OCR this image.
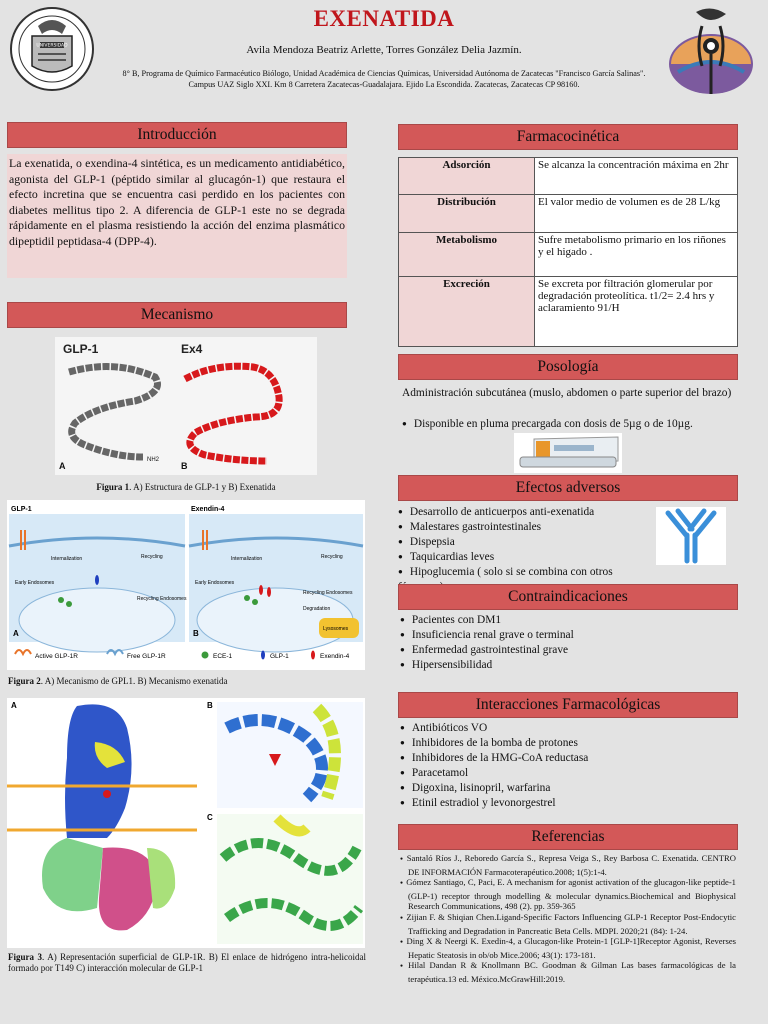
UNIVERSIDAD
EXENATIDA
Avila Mendoza Beatriz Arlette, Torres González Delia Jazmín.
8° B, Programa de Químico Farmacéutico Biólogo, Unidad Académica de Ciencias Químicas, Universidad Autónoma de Zacatecas "Francisco García Salinas".
Campus UAZ Siglo XXI. Km 8 Carretera Zacatecas-Guadalajara. Ejido La Escondida. Zacatecas, Zacatecas CP 98160.
Introducción
La exenatida, o exendina-4 sintética, es un medicamento antidiabético, agonista del GLP-1 (péptido similar al glucagón-1) que restaura el efecto incretina que se encuentra casi perdido en los pacientes con diabetes mellitus tipo 2. A diferencia de GLP-1 este no se degrada rápidamente en el plasma resistiendo la acción del enzima plasmático dipeptidil peptidasa-4 (DPP-4).
Mecanismo
GLP-1	Ex4
A	B
NH2
Figura 1. A) Estructura de GLP-1 y B) Exenatida
GLP-1	Exendin-4
Internalization	Internalization
Recycling	Recycling
Early Endosomes	Early Endosomes
Recycling Endosomes
Recycling Endosomes
Degradation
Lysosomes
A	B
Active GLP-1R	Free GLP-1R	ECE-1	GLP-1	Exendin-4
Figura 2. A) Mecanismo de GPL1. B) Mecanismo exenatida
A	B
C
Figura 3. A) Representación superficial de GLP-1R. B) El enlace de hidrógeno intra-helicoidal formado por T149 C) interacción molecular de GLP-1
Farmacocinética
Adsorción	Se alcanza la concentración máxima en 2hr
Distribución	El valor medio de volumen es de 28 L/kg
Metabolismo	Sufre metabolismo primario en los riñones y el higado .
Excreción	Se excreta por filtración glomerular por degradación proteolítica. t1/2= 2.4 hrs y aclaramiento 91/H
Posología
Administración subcutánea (muslo, abdomen o parte superior del brazo)
● Disponible en pluma precargada con dosis de 5µg o de 10µg.
Efectos adversos
● Desarrollo de anticuerpos anti-exenatida
● Malestares gastrointestinales
● Dispepsia
● Taquicardias leves
● Hipoglucemia ( solo si se combina con otros
Contraindicaciones
● Pacientes con DM1
● Insuficiencia renal grave o terminal
● Enfermedad gastrointestinal grave
● Hipersensibilidad
Interacciones Farmacológicas
● Antibióticos VO
● Inhibidores de la bomba de protones
● Inhibidores de la HMG-CoA reductasa
● Paracetamol
● Digoxina, lisinopril, warfarina
● Etinil estradiol y levonorgestrel
Referencias
● Santaló Ríos J., Reboredo García S., Represa Veiga S., Rey Barbosa C. Exenatida. CENTRO DE INFORMACIÓN Farmacoterapéutico.2008; 1(5):1-4.
● Gómez Santiago, C, Paci, E. A mechanism for agonist activation of the glucagon-like peptide-1 (GLP-1) receptor through modelling & molecular dynamics.Biochemical and Biophysical Research Communications, 498 (2). pp. 359-365
● Zijian F. & Shiqian Chen.Ligand-Specific Factors Influencing GLP-1 Receptor Post-Endocytic Trafficking and Degradation in Pancreatic Beta Cells. MDPI. 2020;21 (84): 1-24.
● Ding X & Neergi K. Exedin-4, a Glucagon-like Protein-1 [GLP-1]Receptor Agonist, Reverses Hepatic Steatosis in ob/ob Mice.2006; 43(1): 173-181.
● Hilal Dandan R & Knollmann BC. Goodman & Gilman Las bases farmacológicas de la terapéutica.13 ed. México.McGrawHill:2019.
